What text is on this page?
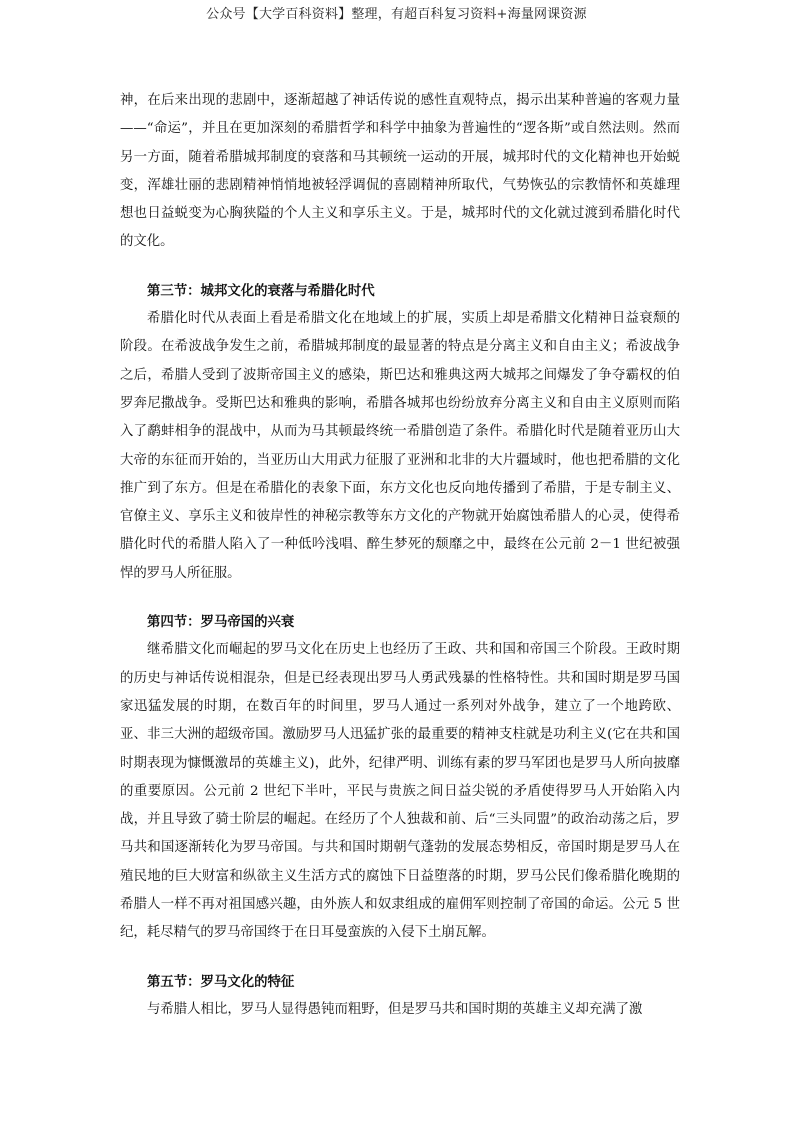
公众号【大学百科资料】整理，有超百科复习资料+海量网课资源

神，在后来出现的悲剧中，逐渐超越了神话传说的感性直观特点，揭示出某种普遍的客观力量——“命运”，并且在更加深刻的希腊哲学和科学中抽象为普遍性的“逻各斯”或自然法则。然而另一方面，随着希腊城邦制度的衰落和马其顿统一运动的开展，城邦时代的文化精神也开始蜕变，浑雄壮丽的悲剧精神悄悄地被轻浮调侃的喜剧精神所取代，气势恢弘的宗教情怀和英雄理想也日益蜕变为心胸狭隘的个人主义和享乐主义。于是，城邦时代的文化就过渡到希腊化时代的文化。

第三节：城邦文化的衰落与希腊化时代

希腊化时代从表面上看是希腊文化在地域上的扩展，实质上却是希腊文化精神日益衰颓的阶段。在希波战争发生之前，希腊城邦制度的最显著的特点是分离主义和自由主义；希波战争之后，希腊人受到了波斯帝国主义的感染，斯巴达和雅典这两大城邦之间爆发了争夺霸权的伯罗奔尼撒战争。受斯巴达和雅典的影响，希腊各城邦也纷纷放弃分离主义和自由主义原则而陷入了鹬蚌相争的混战中，从而为马其顿最终统一希腊创造了条件。希腊化时代是随着亚历山大大帝的东征而开始的，当亚历山大用武力征服了亚洲和北非的大片疆域时，他也把希腊的文化推广到了东方。但是在希腊化的表象下面，东方文化也反向地传播到了希腊，于是专制主义、官僚主义、享乐主义和彼岸性的神秘宗教等东方文化的产物就开始腐蚀希腊人的心灵，使得希腊化时代的希腊人陷入了一种低吟浅唱、醉生梦死的颓靡之中，最终在公元前 2－1 世纪被强悍的罗马人所征服。

第四节：罗马帝国的兴衰

继希腊文化而崛起的罗马文化在历史上也经历了王政、共和国和帝国三个阶段。王政时期的历史与神话传说相混杂，但是已经表现出罗马人勇武残暴的性格特性。共和国时期是罗马国家迅猛发展的时期，在数百年的时间里，罗马人通过一系列对外战争，建立了一个地跨欧、亚、非三大洲的超级帝国。激励罗马人迅猛扩张的最重要的精神支柱就是功利主义(它在共和国时期表现为慷慨激昂的英雄主义)，此外，纪律严明、训练有素的罗马军团也是罗马人所向披靡的重要原因。公元前 2 世纪下半叶，平民与贵族之间日益尖锐的矛盾使得罗马人开始陷入内战，并且导致了骑士阶层的崛起。在经历了个人独裁和前、后“三头同盟”的政治动荡之后，罗马共和国逐渐转化为罗马帝国。与共和国时期朝气蓬勃的发展态势相反，帝国时期是罗马人在殖民地的巨大财富和纵欲主义生活方式的腐蚀下日益堕落的时期，罗马公民们像希腊化晚期的希腊人一样不再对祖国感兴趣，由外族人和奴隶组成的雇佣军则控制了帝国的命运。公元 5 世纪，耗尽精气的罗马帝国终于在日耳曼蛮族的入侵下土崩瓦解。

第五节：罗马文化的特征

与希腊人相比，罗马人显得愚钝而粗野，但是罗马共和国时期的英雄主义却充满了激
